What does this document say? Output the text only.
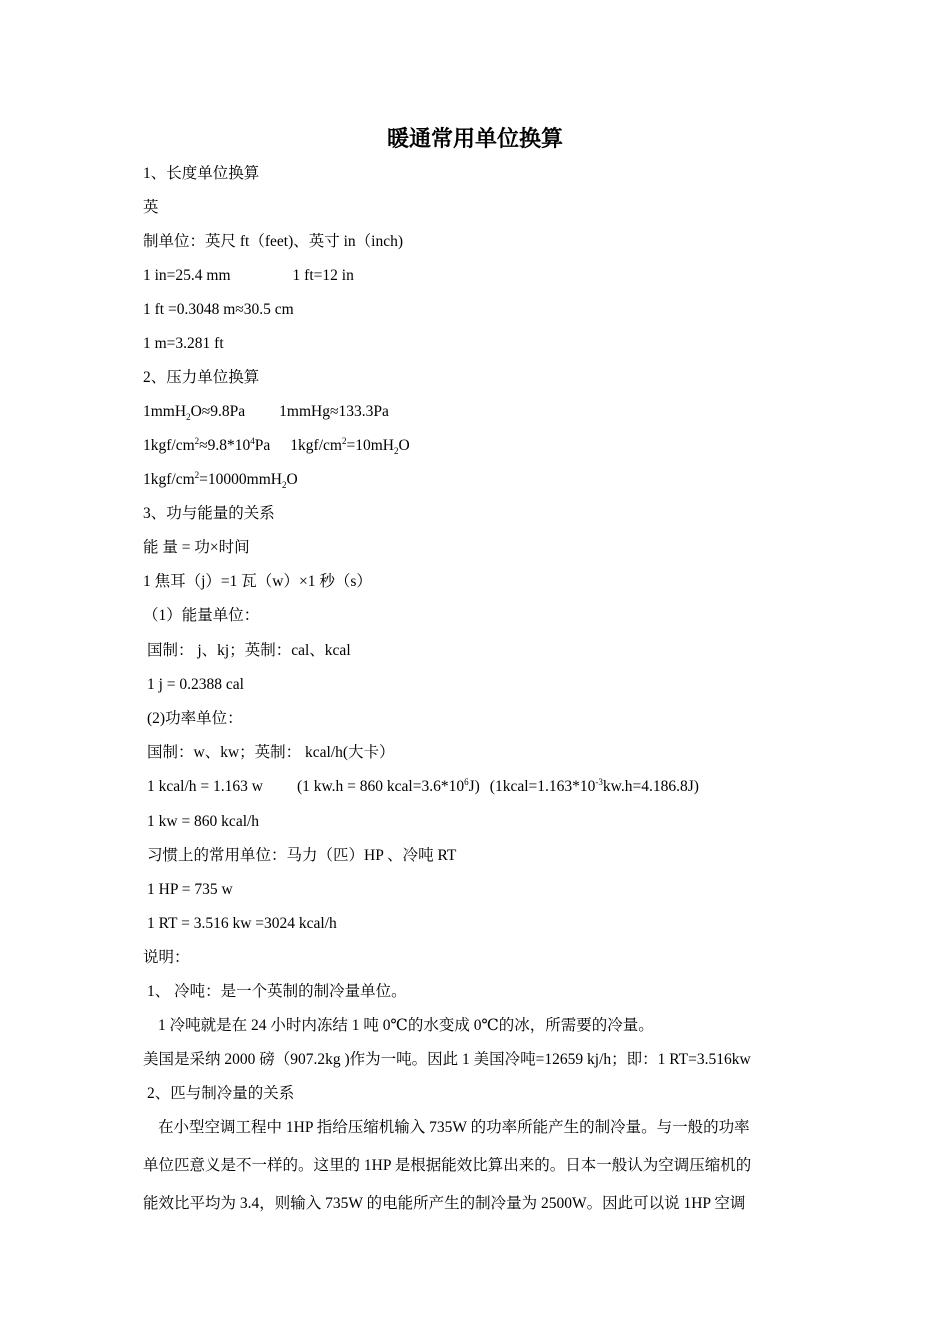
暖通常用单位换算
1、长度单位换算
英
制单位：英尺 ft（feet)、英寸 in（inch)
1 in=25.4 mm	1 ft=12 in
1 ft =0.3048 m≈30.5 cm
1 m=3.281 ft
2、压力单位换算
1mmH$_2$O≈9.8Pa 1mmHg≈133.3Pa
$1kgf/cm^2\approx 9.8*10^4Pa$ $1kgf/cm^2=10mH_2O$
$1kgf/cm^2=10000mmH_2O$
3、功与能量的关系
能 量 = 功×时间
1 焦耳（j）=1 瓦（w）×1 秒（s）
（1）能量单位：
国制： j、kj；英制：cal、kcal
1 j = 0.2388 cal
(2)功率单位：
国制：w、kw；英制： kcal/h(大卡）
1 kcal/h = 1.163 w (1 kw.h = 860 $kcal=3.6*10^6J$) $(1kcal=1.163*10^{-3}kw.h=4.186.8J)$
1 kw = 860 kcal/h
习惯上的常用单位：马力（匹）HP 、冷吨 RT
1 HP = 735 w
1 RT = 3.516 kw =3024 kcal/h
说明：
1、 冷吨：是一个英制的制冷量单位。
1 冷吨就是在 24 小时内冻结 1 吨 0℃的水变成 0℃的冰，所需要的冷量。
美国是采纳 2000 磅（907.2kg )作为一吨。因此 1 美国冷吨=12659 kj/h；即：1 RT=3.516kw
2、匹与制冷量的关系
在小型空调工程中 1HP 指给压缩机输入 735W 的功率所能产生的制冷量。与一般的功率
单位匹意义是不一样的。这里的 1HP 是根据能效比算出来的。日本一般认为空调压缩机的
能效比平均为 3.4，则输入 735W 的电能所产生的制冷量为 2500W。因此可以说 1HP 空调
